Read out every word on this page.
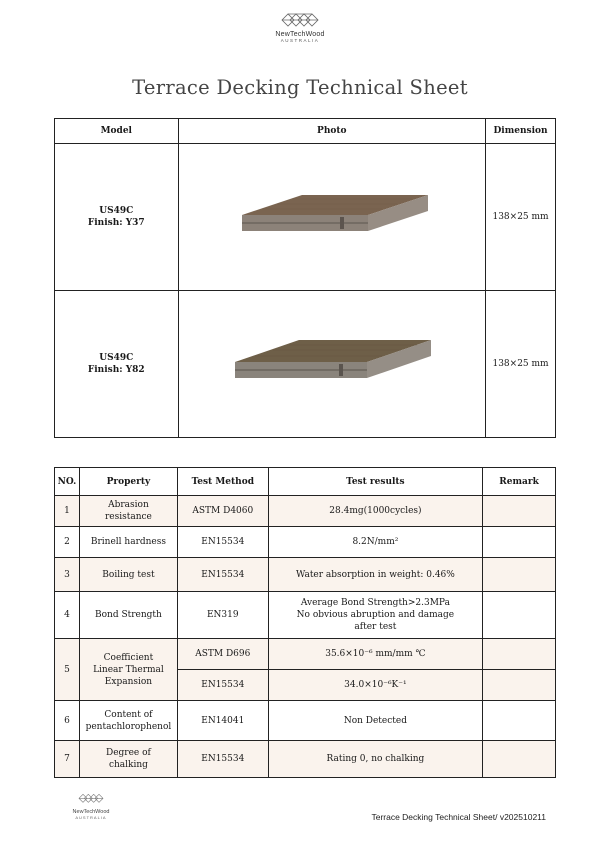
NewTechWood
AUSTRALIA
Terrace Decking Technical Sheet
Model	Photo	Dimension

US49C
Finish: Y37		138×25 mm

US49C
Finish: Y82		138×25 mm
NO.	Property	Test Method	Test results	Remark
1	Abrasion
resistance	ASTM D4060	28.4mg(1000cycles)	
2	Brinell hardness	EN15534	8.2N/mm²	
3	Boiling test	EN15534	Water absorption in weight: 0.46%	
4	Bond Strength	EN319	Average Bond Strength>2.3MPa
No obvious abruption and damage
after test	

5	Coefficient
Linear Thermal
Expansion	ASTM D696	35.6×10⁻⁶ mm/mm ℃	
		EN15534	34.0×10⁻⁶K⁻¹	
6	Content of
pentachlorophenol	EN14041	Non Detected	
7	Degree of
chalking	EN15534	Rating 0, no chalking	
NewTechWood
AUSTRALIA	Terrace Decking Technical Sheet/ v202510211
